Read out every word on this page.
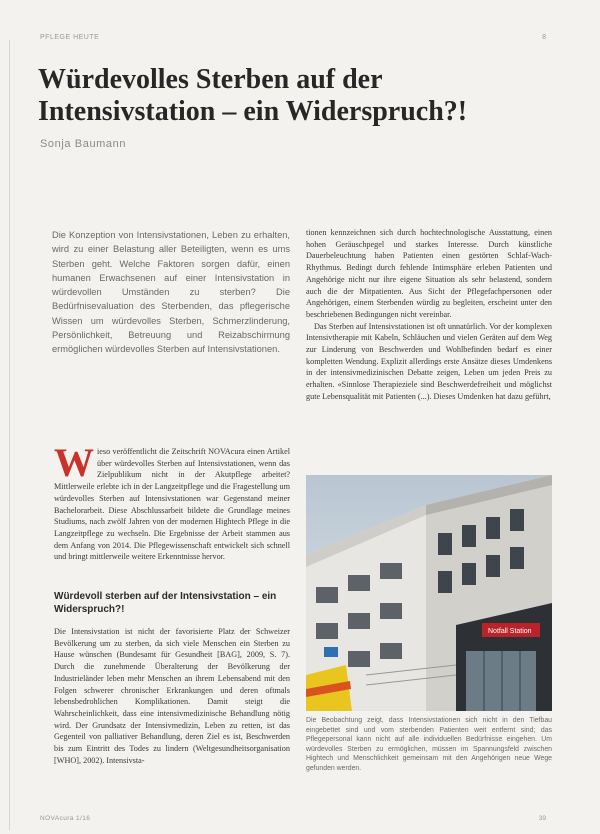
PFLEGE HEUTE	8
Würdevolles Sterben auf der Intensivstation – ein Widerspruch?!
Sonja Baumann

Die Konzeption von Intensivstationen, Leben zu erhalten, wird zu einer Belastung aller Beteiligten, wenn es ums Sterben geht. Welche Faktoren sorgen dafür, einen humanen Erwachsenen auf einer Intensivstation in würdevollen Umständen zu sterben? Die Bedürfnisevaluation des Sterbenden, das pflegerische Wissen um würdevolles Sterben, Schmerzlinderung, Persönlichkeit, Betreuung und Reizabschirmung ermöglichen würdevolles Sterben auf Intensivstationen.

Wieso veröffentlicht die Zeitschrift NOVAcura einen Artikel über würdevolles Sterben auf Intensivstationen, wenn das Zielpublikum nicht in der Akutpflege arbeitet? Mittlerweile erlebte ich in der Langzeitpflege und die Fragestellung um würdevolles Sterben auf Intensivstationen war Gegenstand meiner Bachelorarbeit. Diese Abschlussarbeit bildete die Grundlage meines Studiums, nach zwölf Jahren von der modernen Hightech Pflege in die Langzeitpflege zu wechseln. Die Ergebnisse der Arbeit stammen aus dem Anfang von 2014. Die Pflegewissenschaft entwickelt sich schnell und bringt mittlerweile weitere Erkenntnisse hervor.

Würdevoll sterben auf der Intensivstation – ein Widerspruch?!

Die Intensivstation ist nicht der favorisierte Platz der Schweizer Bevölkerung um zu sterben, da sich viele Menschen ein Sterben zu Hause wünschen (Bundesamt für Gesundheit [BAG], 2009, S. 7). Durch die zunehmende Überalterung der Bevölkerung der Industrieländer leben mehr Menschen an ihrem Lebensabend mit den Folgen schwerer chronischer Erkrankungen und deren oftmals lebensbedrohlichen Komplikationen. Damit steigt die Wahrscheinlichkeit, dass eine intensivmedizinische Behandlung nötig wird. Der Grundsatz der Intensivmedizin, Leben zu retten, ist das Gegenteil von palliativer Behandlung, deren Ziel es ist, Beschwerden bis zum Eintritt des Todes zu lindern (Weltgesundheitsorganisation [WHO], 2002). Intensivsta-

tionen kennzeichnen sich durch hochtechnologische Ausstattung, einen hohen Geräuschpegel und starkes Interesse. Durch künstliche Dauerbeleuchtung haben Patienten einen gestörten Schlaf-Wach-Rhythmus. Bedingt durch fehlende Intimsphäre erleben Patienten und Angehörige nicht nur ihre eigene Situation als sehr belastend, sondern auch die der Mitpatienten. Aus Sicht der Pflegefachpersonen oder Angehörigen, einem Sterbenden würdig zu begleiten, erscheint unter den beschriebenen Bedingungen nicht vereinbar.

Das Sterben auf Intensivstationen ist oft unnatürlich. Vor der komplexen Intensivtherapie mit Kabeln, Schläuchen und vielen Geräten auf dem Weg zur Linderung von Beschwerden und Wohlbefinden bedarf es einer kompletten Wendung. Explizit allerdings erste Ansätze dieses Umdenkens in der intensivmedizinischen Debatte zeigen, Leben um jeden Preis zu erhalten. «Sinnlose Therapieziele sind Beschwerdefreiheit und möglichst gute Lebensqualität mit Patienten (...). Dieses Umdenken hat dazu geführt,

Notfall Station

Die Beobachtung zeigt, dass Intensivstationen sich nicht in den Tiefbau eingebettet sind und vom sterbenden Patienten weit entfernt sind; das Pflegepersonal kann nicht auf alle individuellen Bedürfnisse eingehen. Um würdevolles Sterben zu ermöglichen, müssen im Spannungsfeld zwischen Hightech und Menschlichkeit gemeinsam mit den Angehörigen neue Wege gefunden werden.

NOVAcura 1/16	39
